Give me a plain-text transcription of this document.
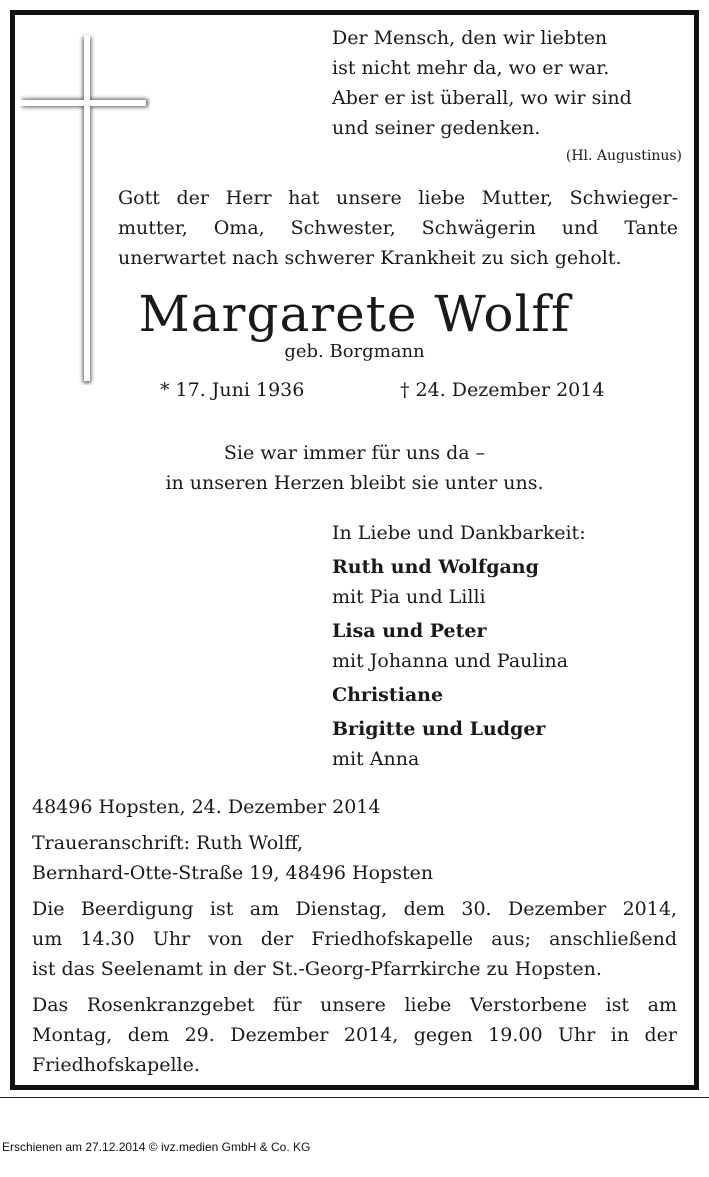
Der Mensch, den wir liebten
ist nicht mehr da, wo er war.
Aber er ist überall, wo wir sind
und seiner gedenken.
(Hl. Augustinus)
Gott der Herr hat unsere liebe Mutter, Schwieger-
mutter, Oma, Schwester, Schwägerin und Tante
unerwartet nach schwerer Krankheit zu sich geholt.
Margarete Wolff
geb. Borgmann
* 17. Juni 1936	† 24. Dezember 2014
Sie war immer für uns da –
in unseren Herzen bleibt sie unter uns.
In Liebe und Dankbarkeit:
Ruth und Wolfgang
mit Pia und Lilli
Lisa und Peter
mit Johanna und Paulina
Christiane
Brigitte und Ludger
mit Anna

48496 Hopsten, 24. Dezember 2014

Traueranschrift: Ruth Wolff,
Bernhard-Otte-Straße 19, 48496 Hopsten

Die Beerdigung ist am Dienstag, dem 30. Dezember 2014,
um 14.30 Uhr von der Friedhofskapelle aus; anschließend
ist das Seelenamt in der St.-Georg-Pfarrkirche zu Hopsten.

Das Rosenkranzgebet für unsere liebe Verstorbene ist am
Montag, dem 29. Dezember 2014, gegen 19.00 Uhr in der
Friedhofskapelle.

Erschienen am 27.12.2014 © ivz.medien GmbH & Co. KG
